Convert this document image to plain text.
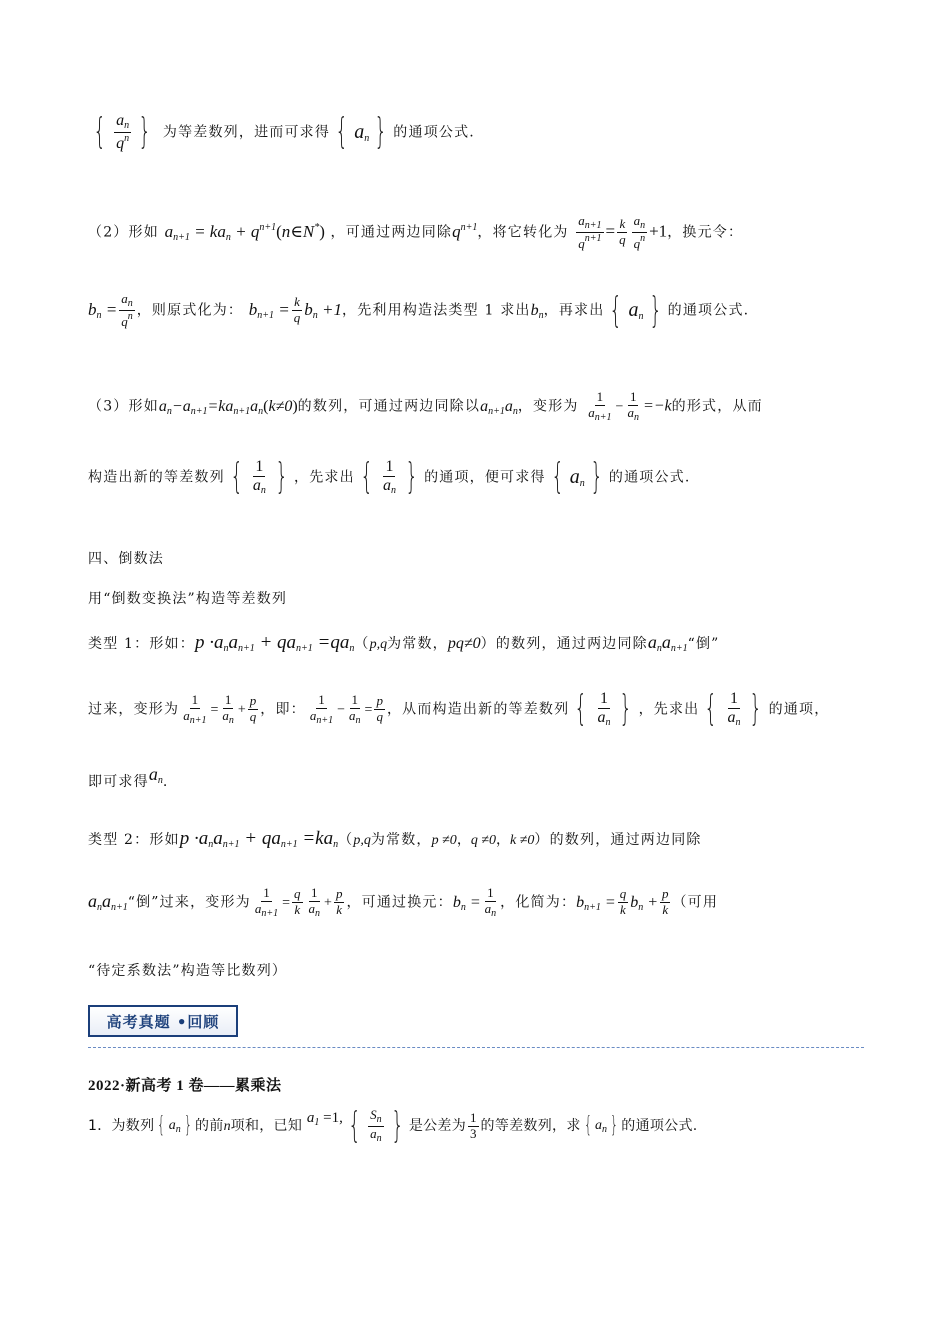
{ $\frac{a_n}{q^n}$ } 为等差数列，进而可求得 { $a_n$ } 的通项公式.
（2）形如 $a_{n+1} = ka_n$ + $q^{n+1}(n\in N^*)$ ，可通过两边同除$q^{n+1}$，将它转化为 $\frac{a_{n+1}}{q^{n+1}} = \frac{k}{q} \frac{a_n}{q^n} +1$，换元令：
$b_n = \frac{a_n}{q^n}$ ，则原式化为： $b_{n+1} = \frac{k}{q} b_n +1$，先利用构造法类型 1 求出$b_n$，再求出 { $a_n$ } 的通项公式.
（3）形如$a_n-a_{n+1}=ka_{n+1}a_n(k\ne 0)$的数列，可通过两边同除以$a_{n+1}a_n$，变形为 $\frac{1}{a_{n+1}} - \frac{1}{a_n} =-k$的形式，从而
构造出新的等差数列 { $\frac{1}{a_n}$ } ，先求出 { $\frac{1}{a_n}$ } 的通项，便可求得 { $a_n$ } 的通项公式.
四、倒数法
用“倒数变换法”构造等差数列
类型 1：形如：$p \cdot a_na_{n+1} + qa_{n+1} =qa_n(p,q$为常数，pq≠0）的数列，通过两边同除$a_na_{n+1}“$倒”
过来，变形为 $\frac{1}{a_{n+1}} = \frac{1}{a_n} + \frac{p}{q}$ ，即： $\frac{1}{a_{n+1}} - \frac{1}{a_n} = \frac{p}{q}$ ，从而构造出新的等差数列 { $\frac{1}{a_n}$ } ，先求出 { $\frac{1}{a_n}$ } 的通项，
即可求得$a_n$.
类型 2：形如$p \cdot a_na_{n+1} + qa_{n+1} =ka_n(p,q$为常数，p ≠0，q ≠0，k ≠0）的数列，通过两边同除
$a_na_{n+1}“$倒”过来，变形为 $\frac{1}{a_{n+1}} = \frac{q}{k} \frac{1}{a_n} + \frac{p}{k}$ ，可通过换元：$b_n = \frac{1}{a_n}$ ，化简为：$b_{n+1} = \frac{q}{k} b_n + \frac{p}{k}$ （可用
“待定系数法”构造等比数列）
高考真题 •回顾
2022·新高考 1 卷——累乘法
1．为数列 { $a_n$ } 的前n项和，已知 $a_1 =1$, { $\frac{S_n}{a_n}$ } 是公差为 $\frac{1}{3}$ 的等差数列，求 { $a_n$ } 的通项公式.
